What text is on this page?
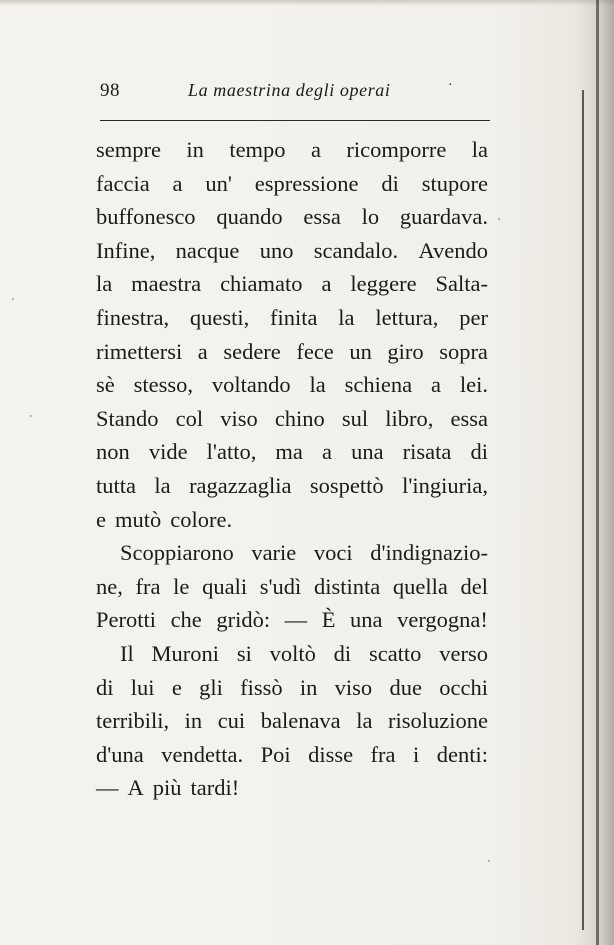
98	La maestrina degli operai	·
sempre in tempo a ricomporre la
faccia a un' espressione di stupore
buffonesco quando essa lo guardava.
Infine, nacque uno scandalo. Avendo
la maestra chiamato a leggere Salta-
finestra, questi, finita la lettura, per
rimettersi a sedere fece un giro sopra
sè stesso, voltando la schiena a lei.
Stando col viso chino sul libro, essa
non vide l'atto, ma a una risata di
tutta la ragazzaglia sospettò l'ingiuria,
e mutò colore.
Scoppiarono varie voci d'indignazio-
ne, fra le quali s'udì distinta quella del
Perotti che gridò: — È una vergogna!
Il Muroni si voltò di scatto verso
di lui e gli fissò in viso due occhi
terribili, in cui balenava la risoluzione
d'una vendetta. Poi disse fra i denti:
— A più tardi!
